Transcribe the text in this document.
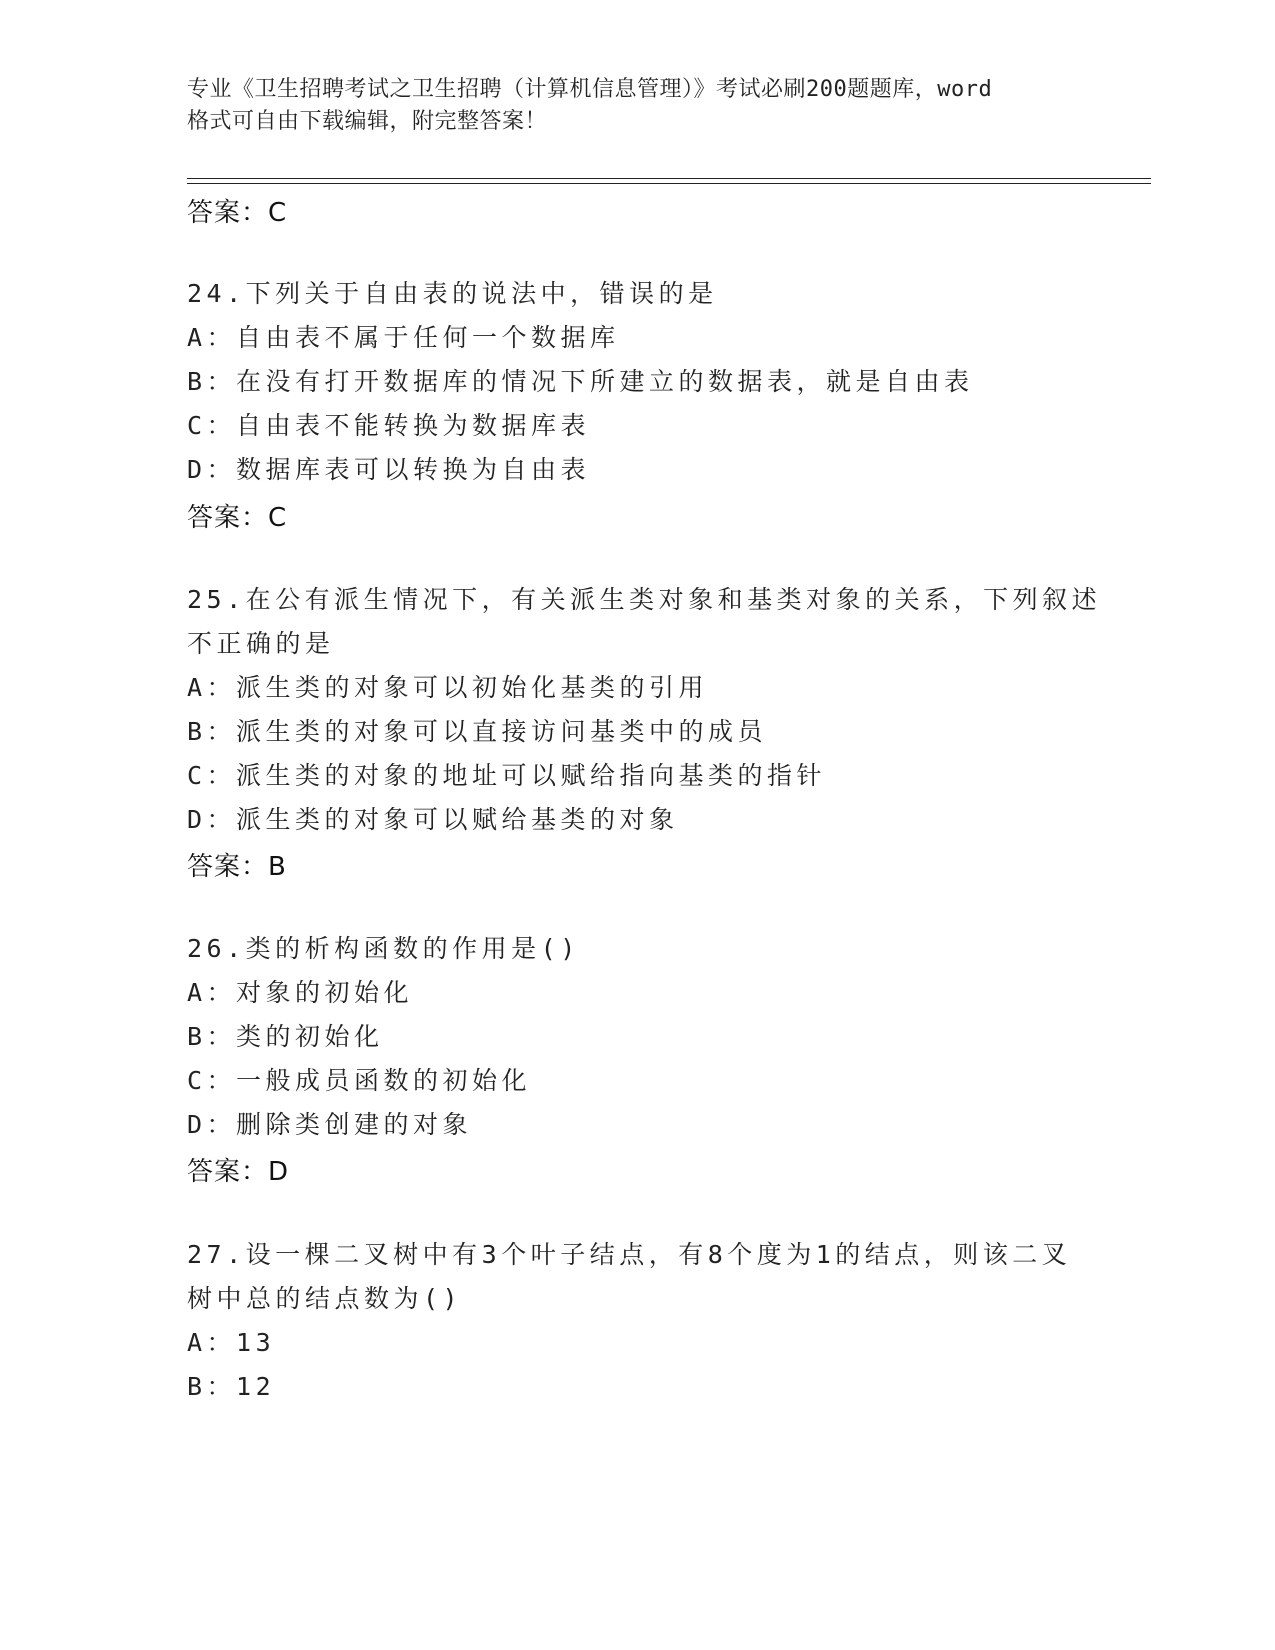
专业《卫生招聘考试之卫生招聘（计算机信息管理）》考试必刷200题题库，word
格式可自由下载编辑，附完整答案！
答案：C
24.下列关于自由表的说法中，错误的是
A：自由表不属于任何一个数据库
B：在没有打开数据库的情况下所建立的数据表，就是自由表
C：自由表不能转换为数据库表
D：数据库表可以转换为自由表
答案：C
25.在公有派生情况下，有关派生类对象和基类对象的关系，下列叙述
不正确的是
A：派生类的对象可以初始化基类的引用
B：派生类的对象可以直接访问基类中的成员
C：派生类的对象的地址可以赋给指向基类的指针
D：派生类的对象可以赋给基类的对象
答案：B
26.类的析构函数的作用是()
A：对象的初始化
B：类的初始化
C：一般成员函数的初始化
D：删除类创建的对象
答案：D
27.设一棵二叉树中有3个叶子结点，有8个度为1的结点，则该二叉
树中总的结点数为()
A：13
B：12
